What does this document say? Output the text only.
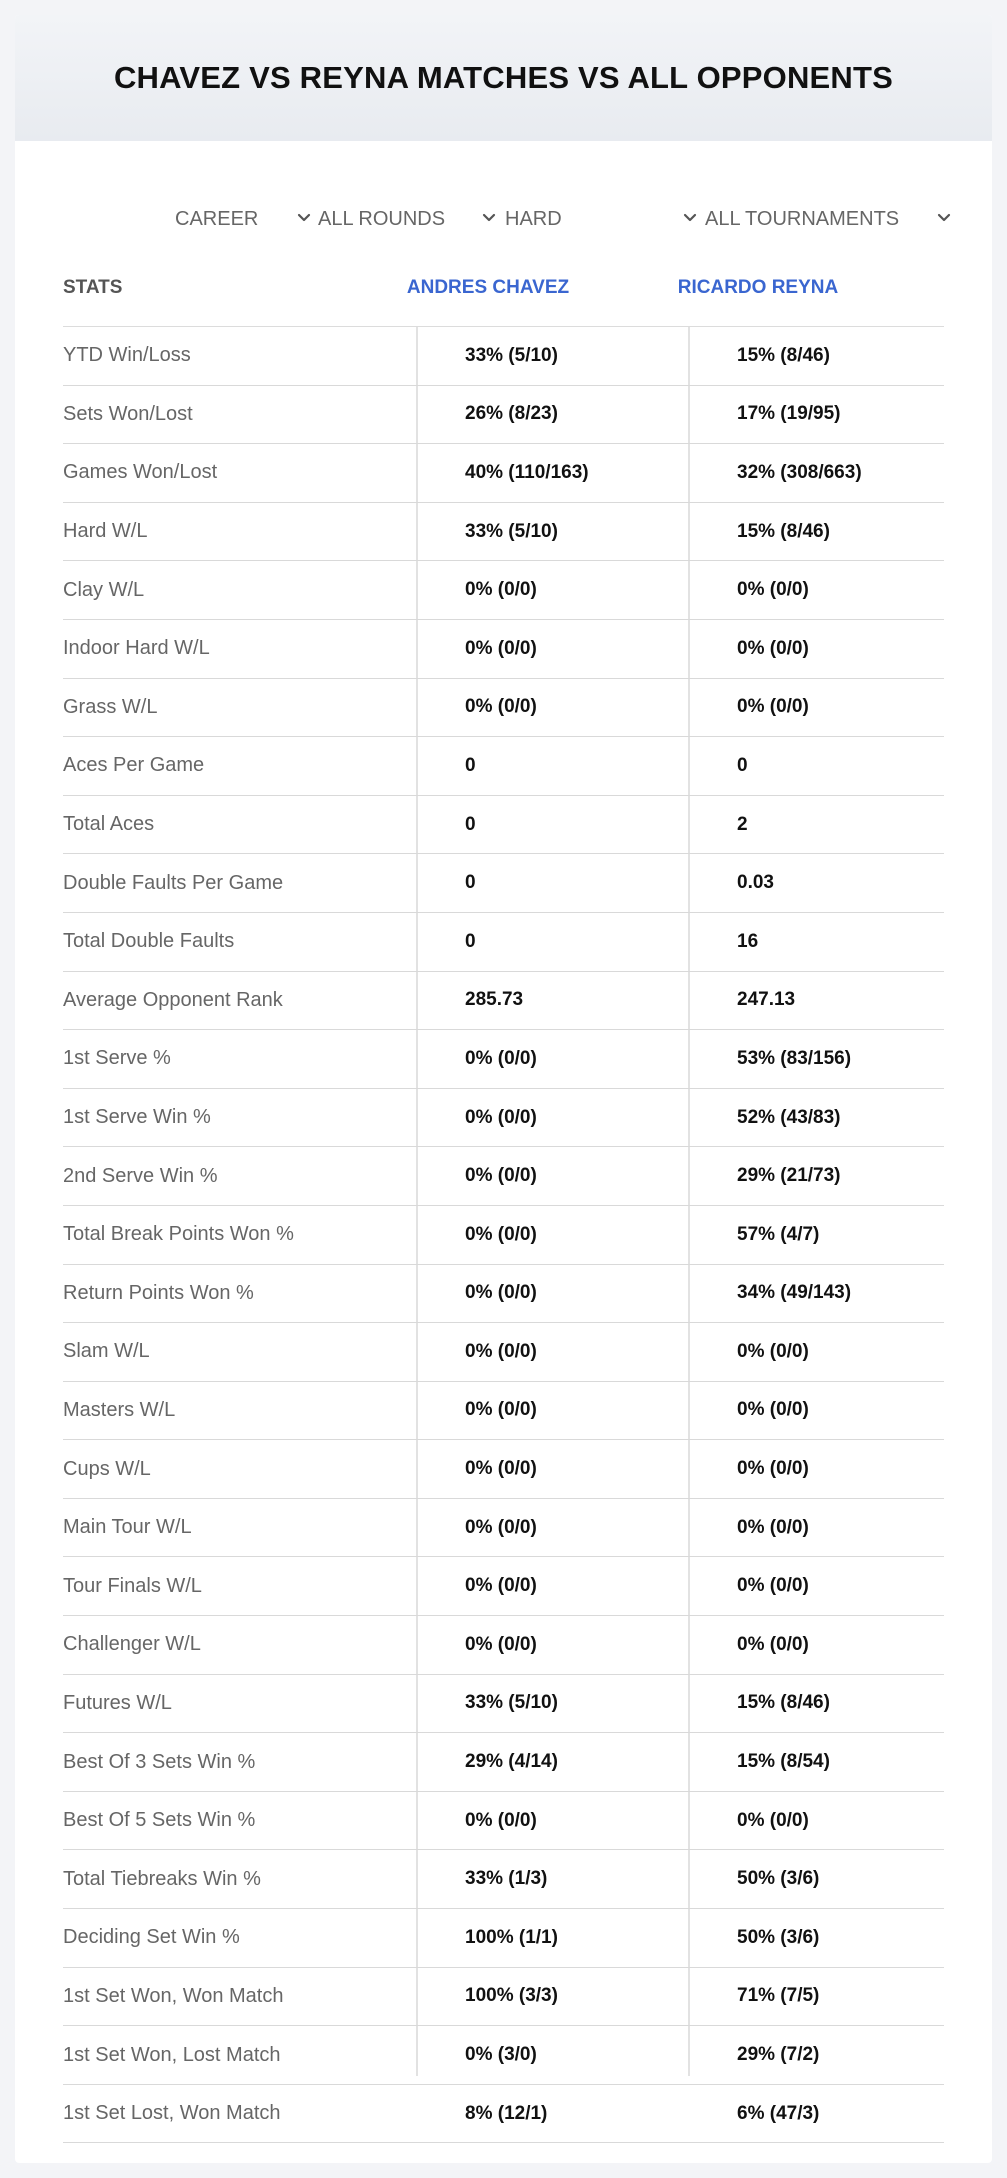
CHAVEZ VS REYNA MATCHES VS ALL OPPONENTS
CAREER	ALL ROUNDS	HARD	ALL TOURNAMENTS
STATS	ANDRES CHAVEZ	RICARDO REYNA
YTD Win/Loss	33% (5/10)	15% (8/46)
Sets Won/Lost	26% (8/23)	17% (19/95)
Games Won/Lost	40% (110/163)	32% (308/663)
Hard W/L	33% (5/10)	15% (8/46)
Clay W/L	0% (0/0)	0% (0/0)
Indoor Hard W/L	0% (0/0)	0% (0/0)
Grass W/L	0% (0/0)	0% (0/0)
Aces Per Game	0	0
Total Aces	0	2
Double Faults Per Game	0	0.03
Total Double Faults	0	16
Average Opponent Rank	285.73	247.13
1st Serve %	0% (0/0)	53% (83/156)
1st Serve Win %	0% (0/0)	52% (43/83)
2nd Serve Win %	0% (0/0)	29% (21/73)
Total Break Points Won %	0% (0/0)	57% (4/7)
Return Points Won %	0% (0/0)	34% (49/143)
Slam W/L	0% (0/0)	0% (0/0)
Masters W/L	0% (0/0)	0% (0/0)
Cups W/L	0% (0/0)	0% (0/0)
Main Tour W/L	0% (0/0)	0% (0/0)
Tour Finals W/L	0% (0/0)	0% (0/0)
Challenger W/L	0% (0/0)	0% (0/0)
Futures W/L	33% (5/10)	15% (8/46)
Best Of 3 Sets Win %	29% (4/14)	15% (8/54)
Best Of 5 Sets Win %	0% (0/0)	0% (0/0)
Total Tiebreaks Win %	33% (1/3)	50% (3/6)
Deciding Set Win %	100% (1/1)	50% (3/6)
1st Set Won, Won Match	100% (3/3)	71% (7/5)
1st Set Won, Lost Match	0% (3/0)	29% (7/2)
1st Set Lost, Won Match	8% (12/1)	6% (47/3)
